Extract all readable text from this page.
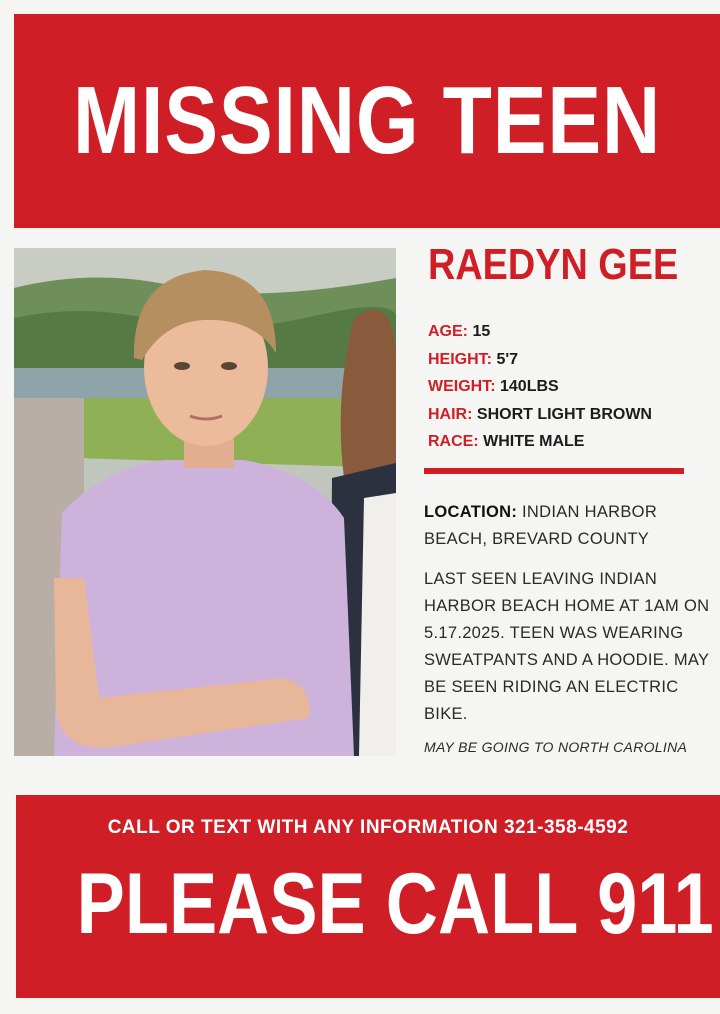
MISSING TEEN
RAEDYN GEE
AGE: 15
HEIGHT: 5'7
WEIGHT: 140LBS
HAIR: SHORT LIGHT BROWN
RACE: WHITE MALE
LOCATION: INDIAN HARBOR BEACH, BREVARD COUNTY
LAST SEEN LEAVING INDIAN HARBOR BEACH HOME AT 1AM ON 5.17.2025. TEEN WAS WEARING SWEATPANTS AND A HOODIE. MAY BE SEEN RIDING AN ELECTRIC BIKE.
MAY BE GOING TO NORTH CAROLINA
CALL OR TEXT WITH ANY INFORMATION 321-358-4592
PLEASE CALL 911
